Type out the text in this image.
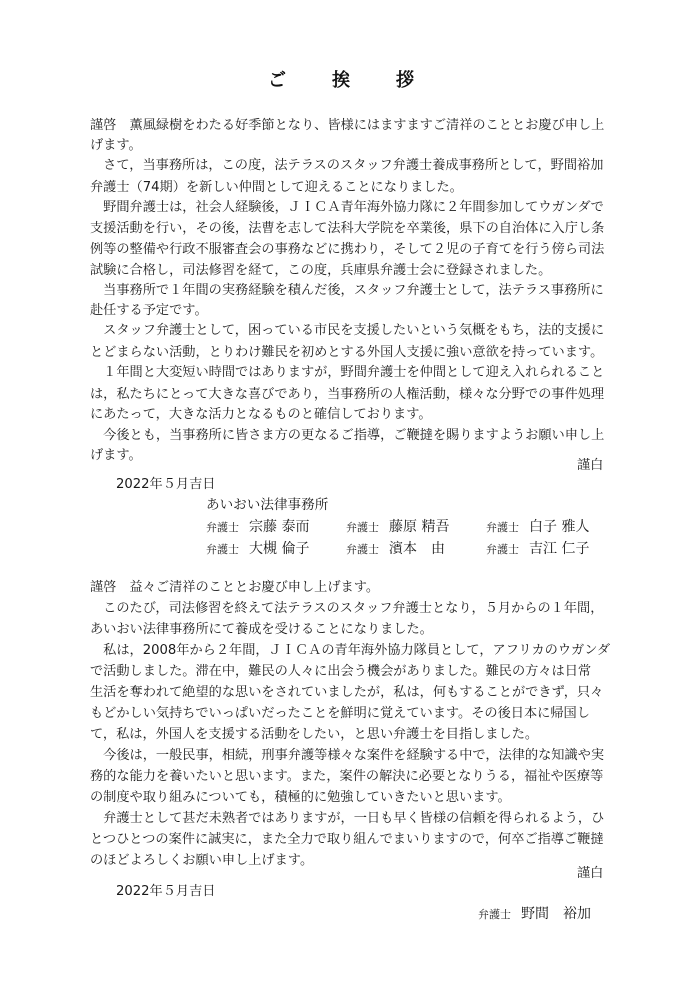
ご　挨　拶
謹啓　薫風緑樹をわたる好季節となり、皆様にはますますご清祥のこととお慶び申し上
げます。
　さて，当事務所は，この度，法テラスのスタッフ弁護士養成事務所として，野間裕加
弁護士（74期）を新しい仲間として迎えることになりました。
　野間弁護士は，社会人経験後，ＪＩＣＡ青年海外協力隊に２年間参加してウガンダで
支援活動を行い，その後，法曹を志して法科大学院を卒業後，県下の自治体に入庁し条
例等の整備や行政不服審査会の事務などに携わり，そして２児の子育てを行う傍ら司法
試験に合格し，司法修習を経て，この度，兵庫県弁護士会に登録されました。
　当事務所で１年間の実務経験を積んだ後，スタッフ弁護士として，法テラス事務所に
赴任する予定です。
　スタッフ弁護士として，困っている市民を支援したいという気概をもち，法的支援に
とどまらない活動，とりわけ難民を初めとする外国人支援に強い意欲を持っています。
　１年間と大変短い時間ではありますが，野間弁護士を仲間として迎え入れられること
は，私たちにとって大きな喜びであり，当事務所の人権活動，様々な分野での事件処理
にあたって，大きな活力となるものと確信しております。
　今後とも，当事務所に皆さま方の更なるご指導，ご鞭撻を賜りますようお願い申し上
げます。
謹白
2022年５月吉日
あいおい法律事務所
弁護士 宗藤 泰而	弁護士 藤原 精吾	弁護士 白子 雅人
弁護士 大槻 倫子	弁護士 濱本　由	弁護士 吉江 仁子
謹啓　益々ご清祥のこととお慶び申し上げます。
　このたび，司法修習を終えて法テラスのスタッフ弁護士となり，５月からの１年間，
あいおい法律事務所にて養成を受けることになりました。
　私は，2008年から２年間，ＪＩＣＡの青年海外協力隊員として，アフリカのウガンダ
で活動しました。滞在中，難民の人々に出会う機会がありました。難民の方々は日常
生活を奪われて絶望的な思いをされていましたが，私は，何もすることができず，只々
もどかしい気持ちでいっぱいだったことを鮮明に覚えています。その後日本に帰国し
て，私は，外国人を支援する活動をしたい，と思い弁護士を目指しました。
　今後は，一般民事，相続，刑事弁護等様々な案件を経験する中で，法律的な知識や実
務的な能力を養いたいと思います。また，案件の解決に必要となりうる，福祉や医療等
の制度や取り組みについても，積極的に勉強していきたいと思います。
　弁護士として甚だ未熟者ではありますが，一日も早く皆様の信頼を得られるよう，ひ
とつひとつの案件に誠実に，また全力で取り組んでまいりますので，何卒ご指導ご鞭撻
のほどよろしくお願い申し上げます。
謹白
2022年５月吉日
弁護士 野間　裕加
